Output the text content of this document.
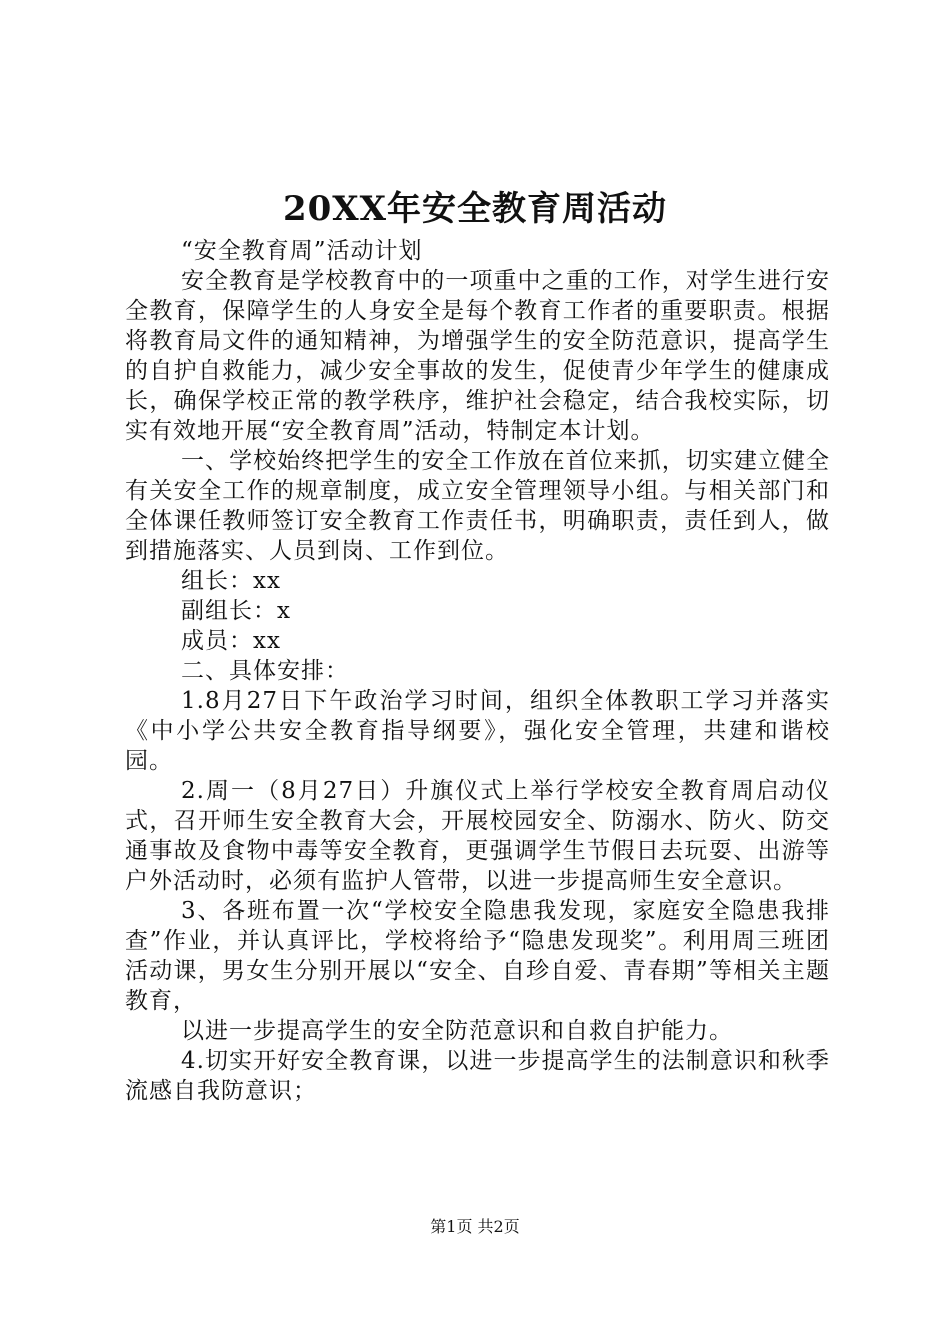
20XX年安全教育周活动

“安全教育周”活动计划

安全教育是学校教育中的一项重中之重的工作，对学生进行安全教育，保障学生的人身安全是每个教育工作者的重要职责。根据将教育局文件的通知精神，为增强学生的安全防范意识，提高学生的自护自救能力，减少安全事故的发生，促使青少年学生的健康成长，确保学校正常的教学秩序，维护社会稳定，结合我校实际，切实有效地开展“安全教育周”活动，特制定本计划。

一、学校始终把学生的安全工作放在首位来抓，切实建立健全有关安全工作的规章制度，成立安全管理领导小组。与相关部门和全体课任教师签订安全教育工作责任书，明确职责，责任到人，做到措施落实、人员到岗、工作到位。

组长：xx

副组长：x

成员：xx

二、具体安排：

1.8月27日下午政治学习时间，组织全体教职工学习并落实《中小学公共安全教育指导纲要》，强化安全管理，共建和谐校园。

2.周一（8月27日）升旗仪式上举行学校安全教育周启动仪式，召开师生安全教育大会，开展校园安全、防溺水、防火、防交通事故及食物中毒等安全教育，更强调学生节假日去玩耍、出游等户外活动时，必须有监护人管带，以进一步提高师生安全意识。

3、各班布置一次“学校安全隐患我发现，家庭安全隐患我排查”作业，并认真评比，学校将给予“隐患发现奖”。利用周三班团活动课，男女生分别开展以“安全、自珍自爱、青春期”等相关主题教育，

以进一步提高学生的安全防范意识和自救自护能力。

4.切实开好安全教育课，以进一步提高学生的法制意识和秋季流感自我防意识；

第1页 共2页
